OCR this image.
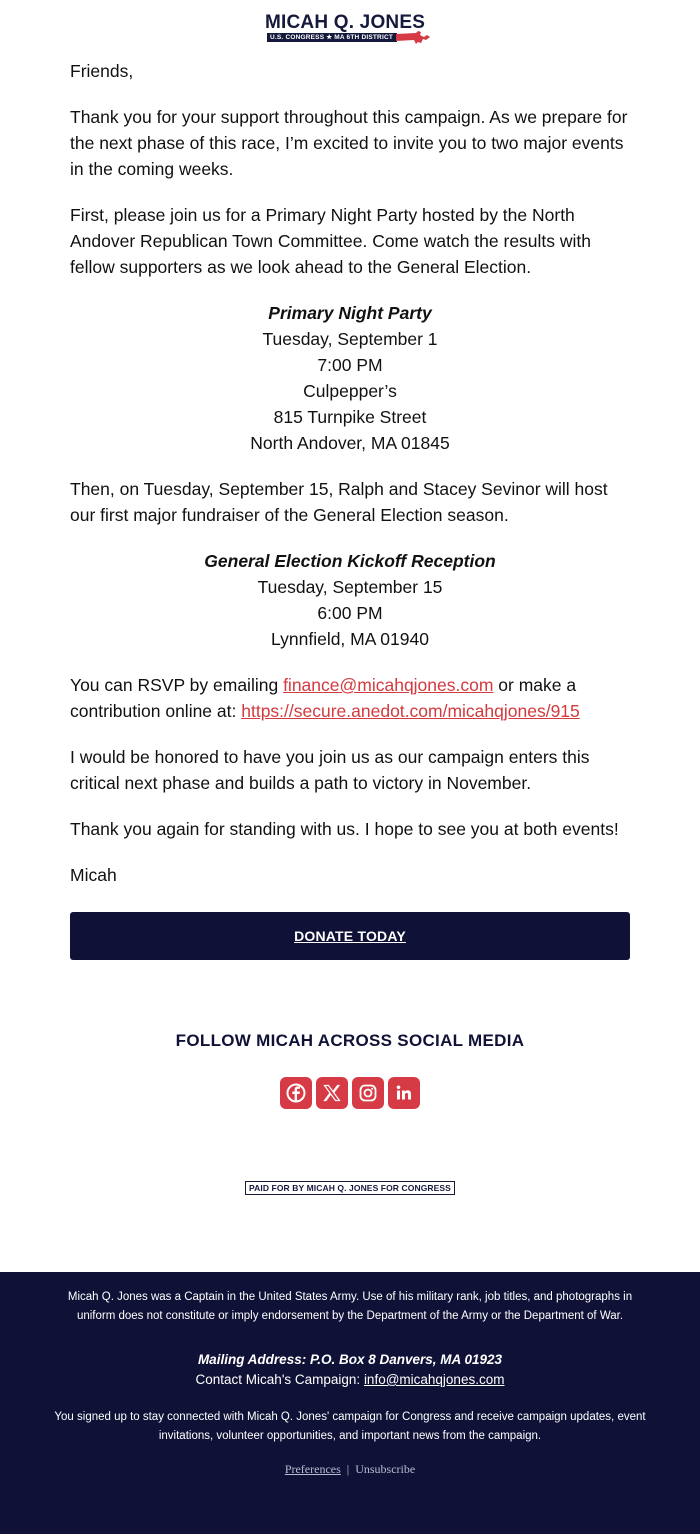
MICAH Q. JONES
U.S. CONGRESS ★ MA 6TH DISTRICT

Friends,

Thank you for your support throughout this campaign. As we prepare for the next phase of this race, I’m excited to invite you to two major events in the coming weeks.

First, please join us for a Primary Night Party hosted by the North Andover Republican Town Committee. Come watch the results with fellow supporters as we look ahead to the General Election.

Primary Night Party
Tuesday, September 1
7:00 PM
Culpepper’s
815 Turnpike Street
North Andover, MA 01845

Then, on Tuesday, September 15, Ralph and Stacey Sevinor will host our first major fundraiser of the General Election season.

General Election Kickoff Reception
Tuesday, September 15
6:00 PM
Lynnfield, MA 01940

You can RSVP by emailing finance@micahqjones.com or make a contribution online at: https://secure.anedot.com/micahqjones/915

I would be honored to have you join us as our campaign enters this critical next phase and builds a path to victory in November.

Thank you again for standing with us. I hope to see you at both events!

Micah

DONATE TODAY
FOLLOW MICAH ACROSS SOCIAL MEDIA
PAID FOR BY MICAH Q. JONES FOR CONGRESS
Micah Q. Jones was a Captain in the United States Army. Use of his military rank, job titles, and photographs in uniform does not constitute or imply endorsement by the Department of the Army or the Department of War.
Mailing Address: P.O. Box 8 Danvers, MA 01923
Contact Micah's Campaign: info@micahqjones.com
You signed up to stay connected with Micah Q. Jones' campaign for Congress and receive campaign updates, event invitations, volunteer opportunities, and important news from the campaign.
Preferences | Unsubscribe
